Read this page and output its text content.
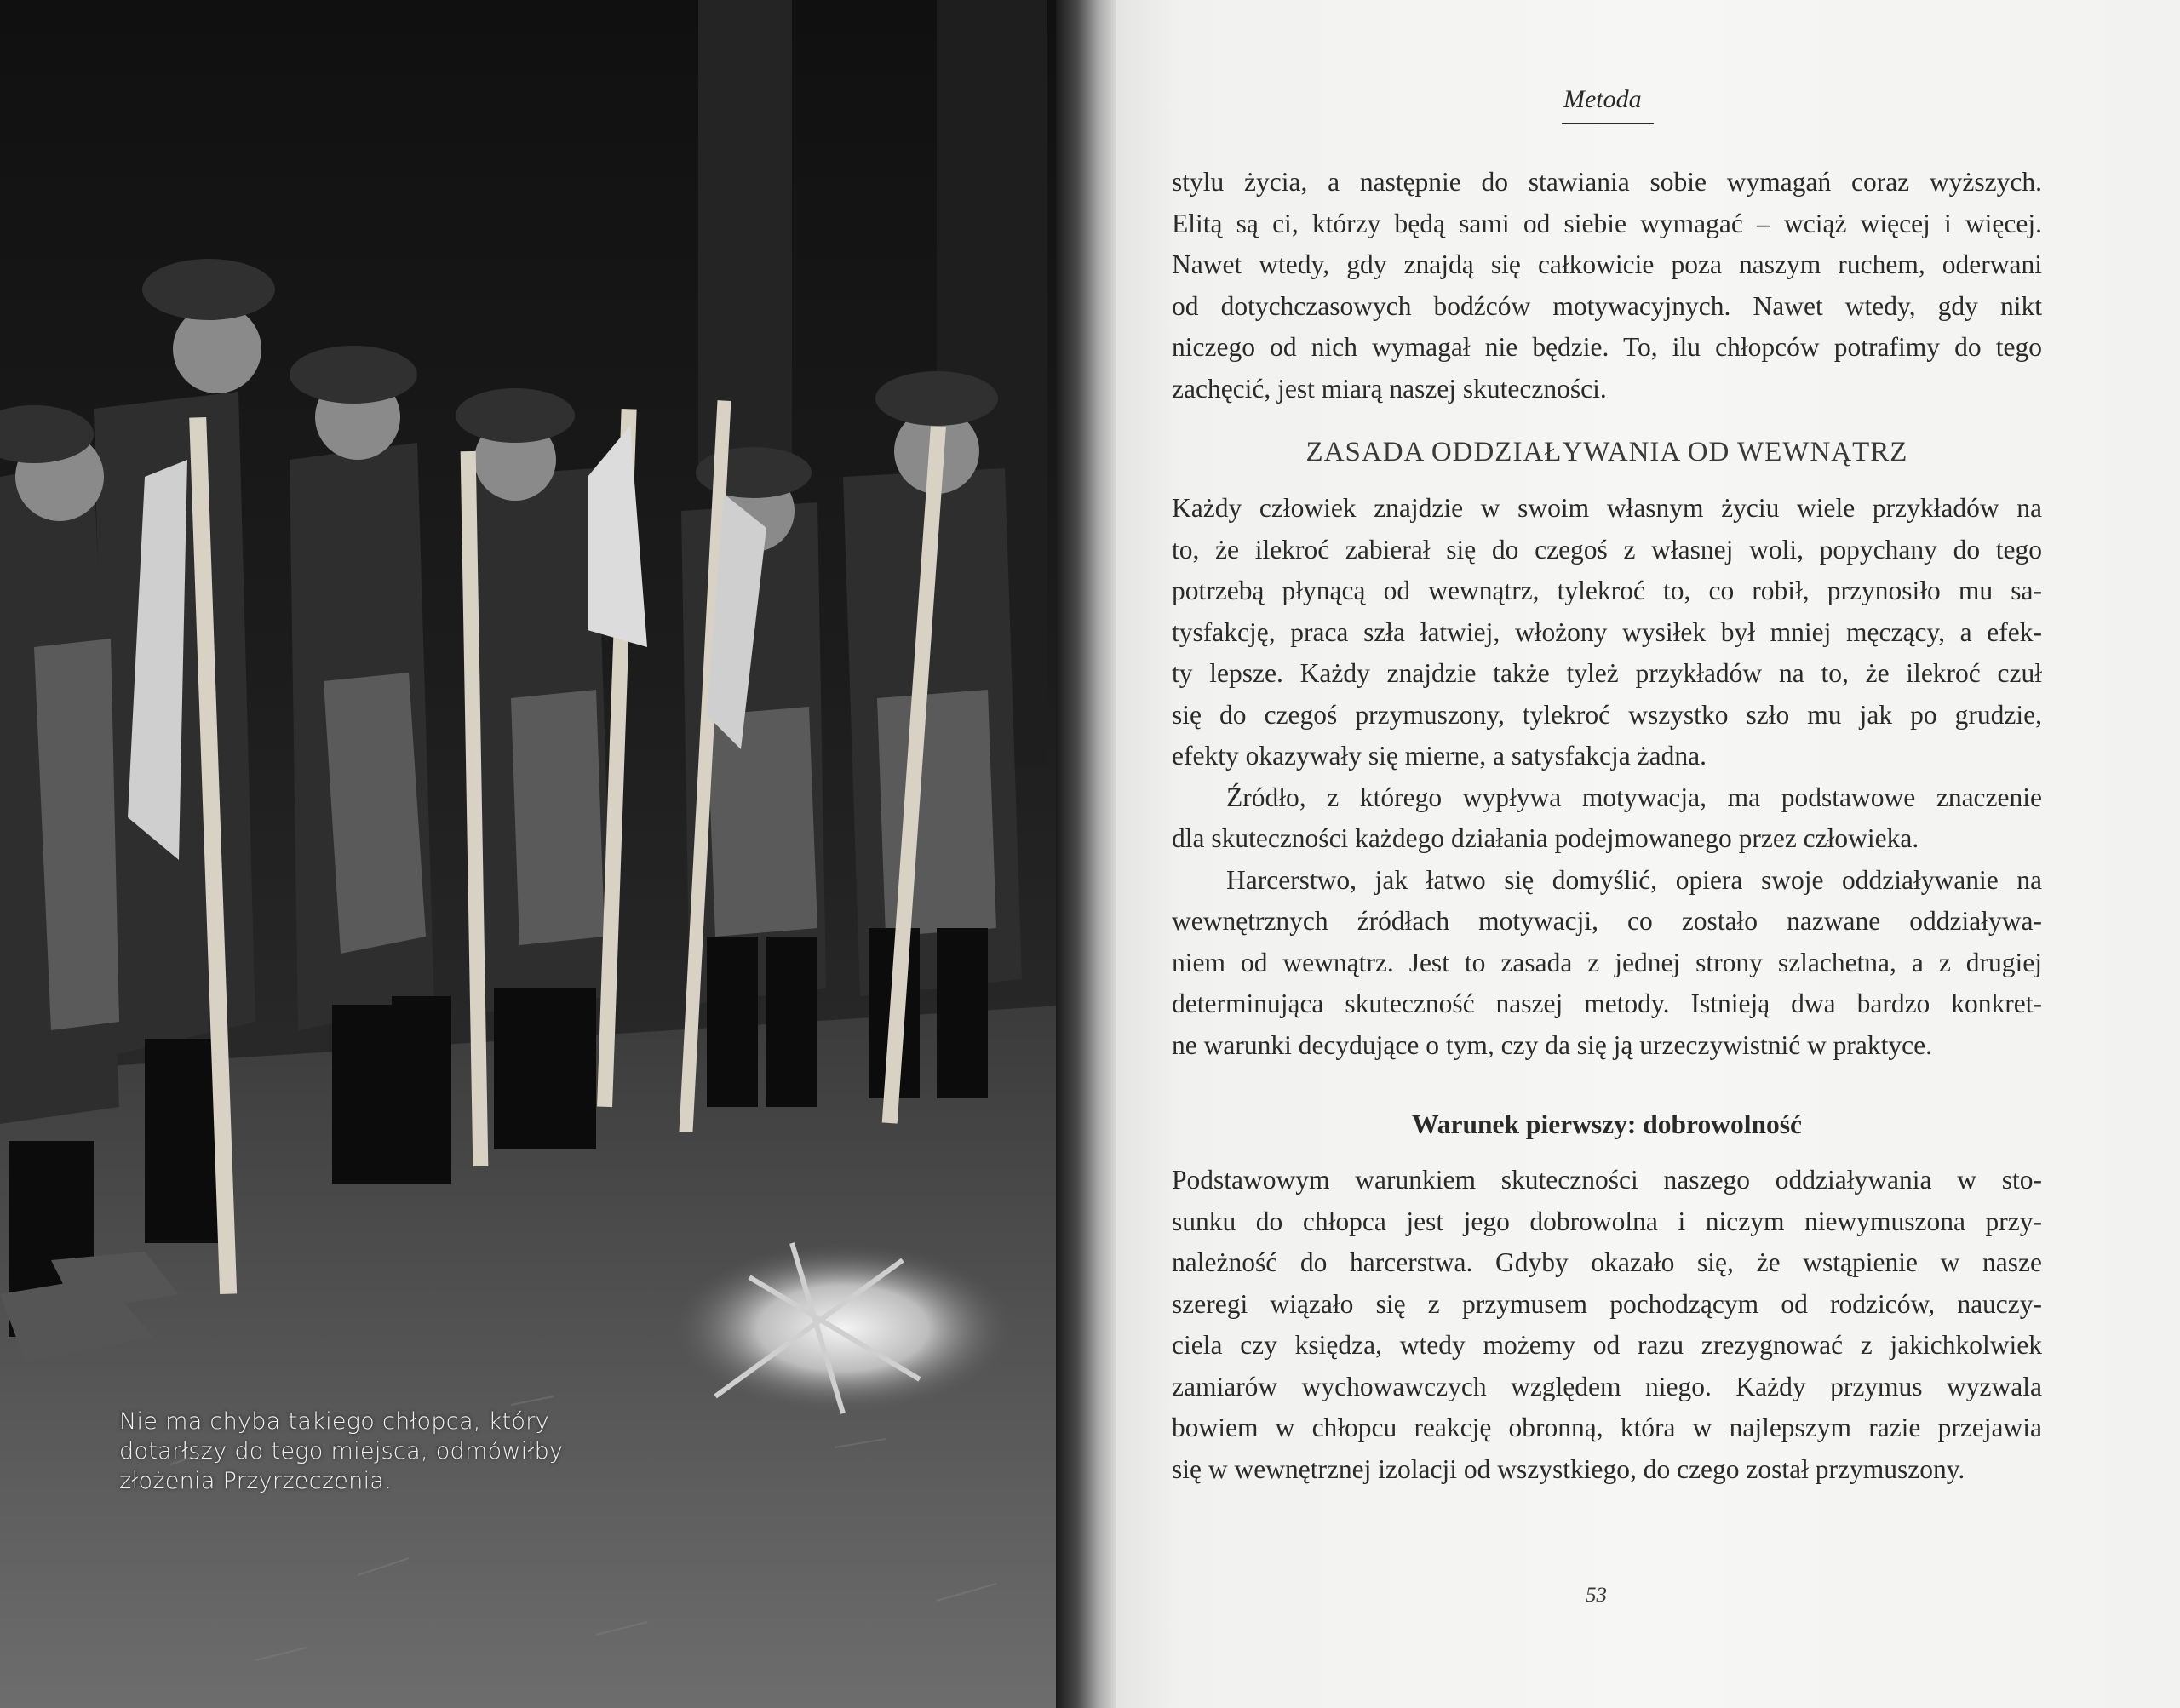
Nie ma chyba takiego chłopca, który
dotarłszy do tego miejsca, odmówiłby
złożenia Przyrzeczenia.
Metoda
stylu życia, a następnie do stawiania sobie wymagań coraz wyższych.
Elitą są ci, którzy będą sami od siebie wymagać – wciąż więcej i więcej.
Nawet wtedy, gdy znajdą się całkowicie poza naszym ruchem, oderwani
od dotychczasowych bodźców motywacyjnych. Nawet wtedy, gdy nikt
niczego od nich wymagał nie będzie. To, ilu chłopców potrafimy do tego
zachęcić, jest miarą naszej skuteczności.
ZASADA ODDZIAŁYWANIA OD WEWNĄTRZ
Każdy człowiek znajdzie w swoim własnym życiu wiele przykładów na
to, że ilekroć zabierał się do czegoś z własnej woli, popychany do tego
potrzebą płynącą od wewnątrz, tylekroć to, co robił, przynosiło mu sa-
tysfakcję, praca szła łatwiej, włożony wysiłek był mniej męczący, a efek-
ty lepsze. Każdy znajdzie także tyleż przykładów na to, że ilekroć czuł
się do czegoś przymuszony, tylekroć wszystko szło mu jak po grudzie,
efekty okazywały się mierne, a satysfakcja żadna.
Źródło, z którego wypływa motywacja, ma podstawowe znaczenie
dla skuteczności każdego działania podejmowanego przez człowieka.
Harcerstwo, jak łatwo się domyślić, opiera swoje oddziaływanie na
wewnętrznych źródłach motywacji, co zostało nazwane oddziaływa-
niem od wewnątrz. Jest to zasada z jednej strony szlachetna, a z drugiej
determinująca skuteczność naszej metody. Istnieją dwa bardzo konkret-
ne warunki decydujące o tym, czy da się ją urzeczywistnić w praktyce.
Warunek pierwszy: dobrowolność
Podstawowym warunkiem skuteczności naszego oddziaływania w sto-
sunku do chłopca jest jego dobrowolna i niczym niewymuszona przy-
należność do harcerstwa. Gdyby okazało się, że wstąpienie w nasze
szeregi wiązało się z przymusem pochodzącym od rodziców, nauczy-
ciela czy księdza, wtedy możemy od razu zrezygnować z jakichkolwiek
zamiarów wychowawczych względem niego. Każdy przymus wyzwala
bowiem w chłopcu reakcję obronną, która w najlepszym razie przejawia
się w wewnętrznej izolacji od wszystkiego, do czego został przymuszony.
53
